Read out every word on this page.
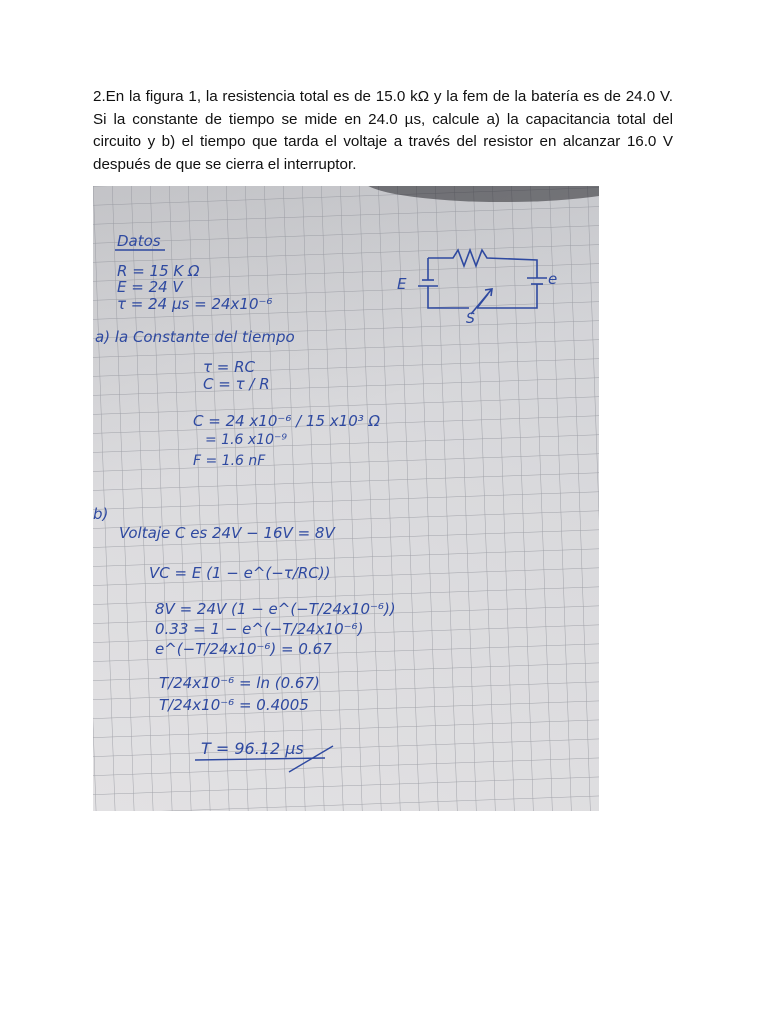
2.En la figura 1, la resistencia total es de 15.0 kΩ y la fem de la batería es de 24.0 V. Si la constante de tiempo se mide en 24.0 µs, calcule a) la capacitancia total del circuito y b) el tiempo que tarda el voltaje a través del resistor en alcanzar 16.0 V después de que se cierra el interruptor.

Datos
R = 15 K Ω
E = 24 V
τ = 24 µs = 24x10⁻⁶
E	e
S
a) la Constante del tiempo
τ = RC
C = τ / R
C = 24 x10⁻⁶ / 15 x10³ Ω
= 1.6 x10⁻⁹
F = 1.6 nF
b)
Voltaje C es 24V − 16V = 8V
VC = E (1 − e^(−τ/RC))
8V = 24V (1 − e^(−T/24x10⁻⁶))
0.33 = 1 − e^(−T/24x10⁻⁶)
e^(−T/24x10⁻⁶) = 0.67
T/24x10⁻⁶ = ln (0.67)
T/24x10⁻⁶ = 0.4005
T = 96.12 µs
